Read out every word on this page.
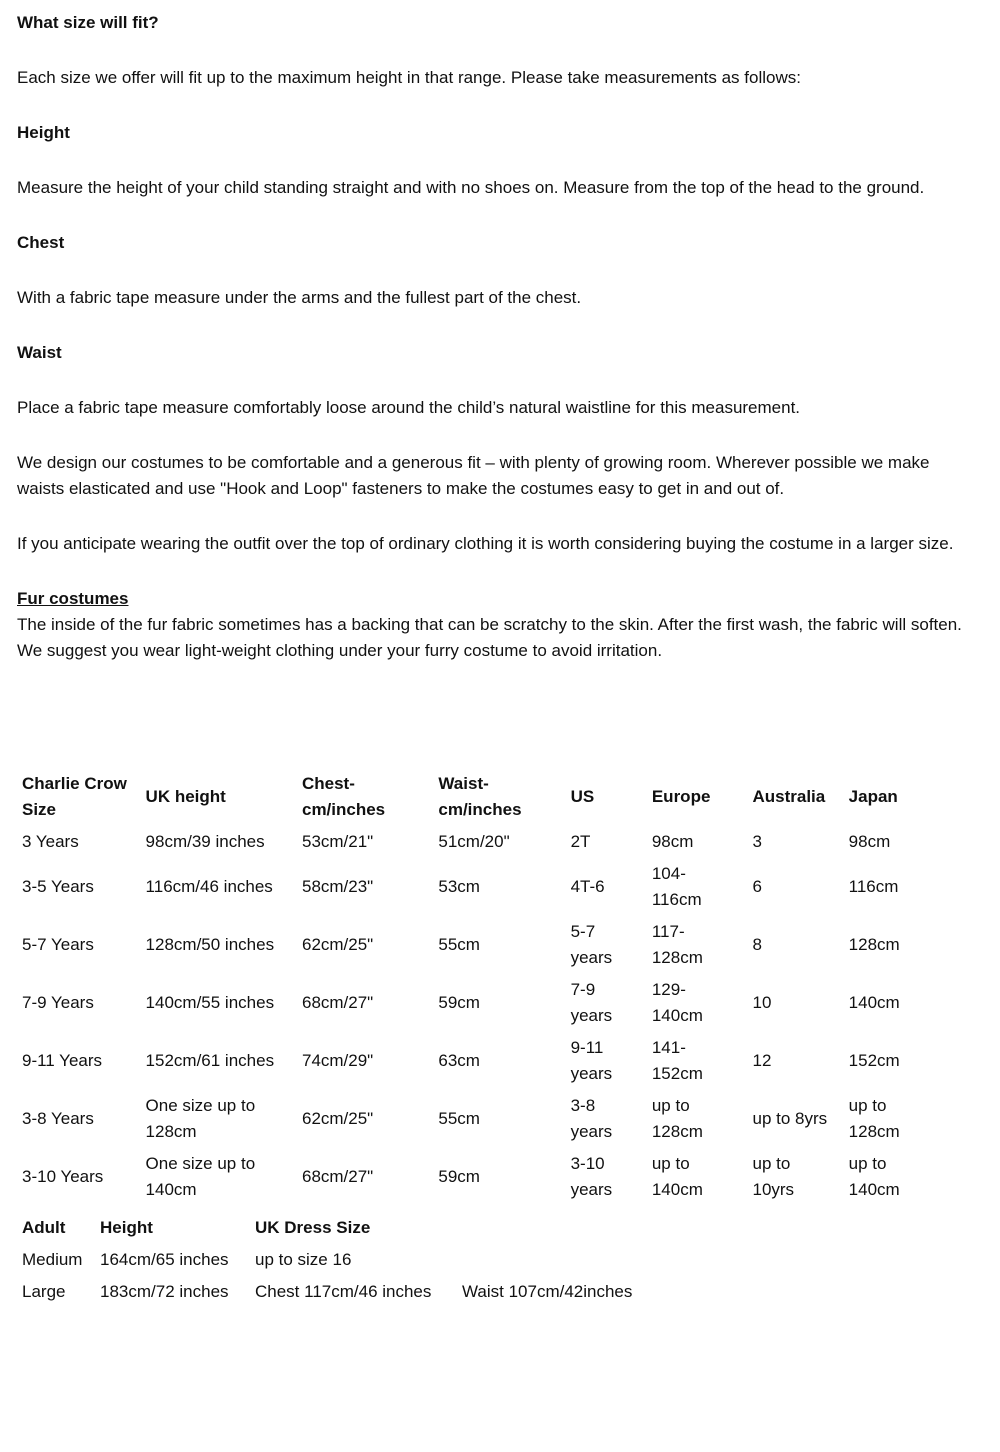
What size will fit?

Each size we offer will fit up to the maximum height in that range. Please take measurements as follows:

Height

Measure the height of your child standing straight and with no shoes on. Measure from the top of the head to the ground.

Chest

With a fabric tape measure under the arms and the fullest part of the chest.

Waist

Place a fabric tape measure comfortably loose around the child’s natural waistline for this measurement.

We design our costumes to be comfortable and a generous fit – with plenty of growing room. Wherever possible we make waists elasticated and use "Hook and Loop" fasteners to make the costumes easy to get in and out of.

If you anticipate wearing the outfit over the top of ordinary clothing it is worth considering buying the costume in a larger size.

Fur costumes

The inside of the fur fabric sometimes has a backing that can be scratchy to the skin. After the first wash, the fabric will soften. We suggest you wear light-weight clothing under your furry costume to avoid irritation.

Charlie Crow Size	UK height	Chest- cm/inches	Waist- cm/inches	US	Europe	Australia	Japan
3 Years	98cm/39 inches	53cm/21"	51cm/20"	2T	98cm	3	98cm
3-5 Years	116cm/46 inches	58cm/23"	53cm	4T-6	104-116cm	6	116cm
5-7 Years	128cm/50 inches	62cm/25"	55cm	5-7 years	117-128cm	8	128cm
7-9 Years	140cm/55 inches	68cm/27"	59cm	7-9 years	129-140cm	10	140cm
9-11 Years	152cm/61 inches	74cm/29"	63cm	9-11 years	141-152cm	12	152cm
3-8 Years	One size up to 128cm	62cm/25"	55cm	3-8 years	up to 128cm	up to 8yrs	up to 128cm
3-10 Years	One size up to 140cm	68cm/27"	59cm	3-10 years	up to 140cm	up to 10yrs	up to 140cm
Adult	Height	UK Dress Size	
Medium	164cm/65 inches	up to size 16	
Large	183cm/72 inches	Chest 117cm/46 inches	Waist 107cm/42inches
